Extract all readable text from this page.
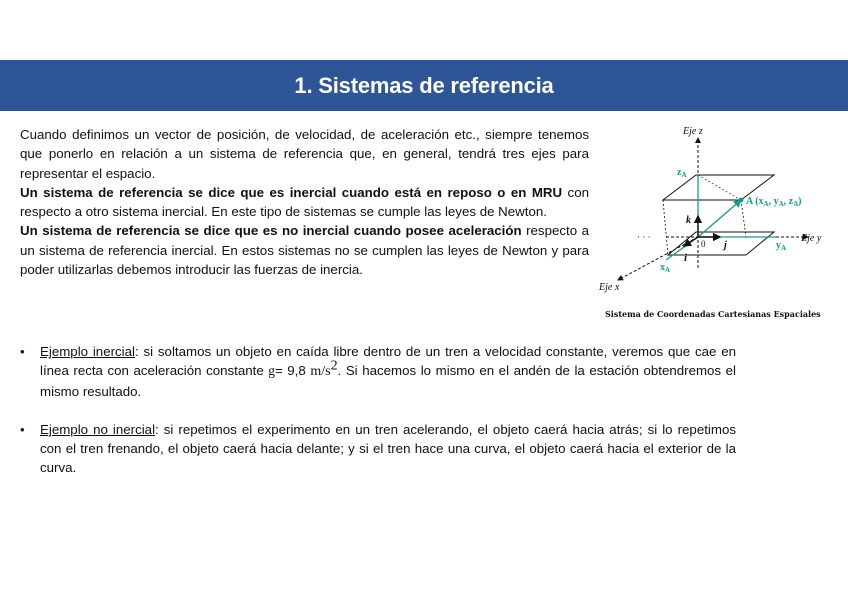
1. Sistemas de referencia

Cuando definimos un vector de posición, de velocidad, de aceleración etc., siempre tenemos que ponerlo en relación a un sistema de referencia que, en general, tendrá tres ejes para representar el espacio.

Un sistema de referencia se dice que es inercial cuando está en reposo o en MRU con respecto a otro sistema inercial. En este tipo de sistemas se cumple las leyes de Newton.

Un sistema de referencia se dice que es no inercial cuando posee aceleración respecto a un sistema de referencia inercial. En estos sistemas no se cumplen las leyes de Newton y para poder utilizarlas debemos introducir las fuerzas de inercia.

Eje z
Eje y
Eje x
$z_A$
$x_A$
$y_A$
A ($x_A$, $y_A$, $z_A$)
k
j
i
0
· · ·
Sistema de Coordenadas Cartesianas Espaciales
• Ejemplo inercial: si soltamos un objeto en caída libre dentro de un tren a velocidad constante, veremos que cae en línea recta con aceleración constante g= 9,8 $m/s^2$. Si hacemos lo mismo en el andén de la estación obtendremos el mismo resultado.
• Ejemplo no inercial: si repetimos el experimento en un tren acelerando, el objeto caerá hacia atrás; si lo repetimos con el tren frenando, el objeto caerá hacia delante; y si el tren hace una curva, el objeto caerá hacia el exterior de la curva.
